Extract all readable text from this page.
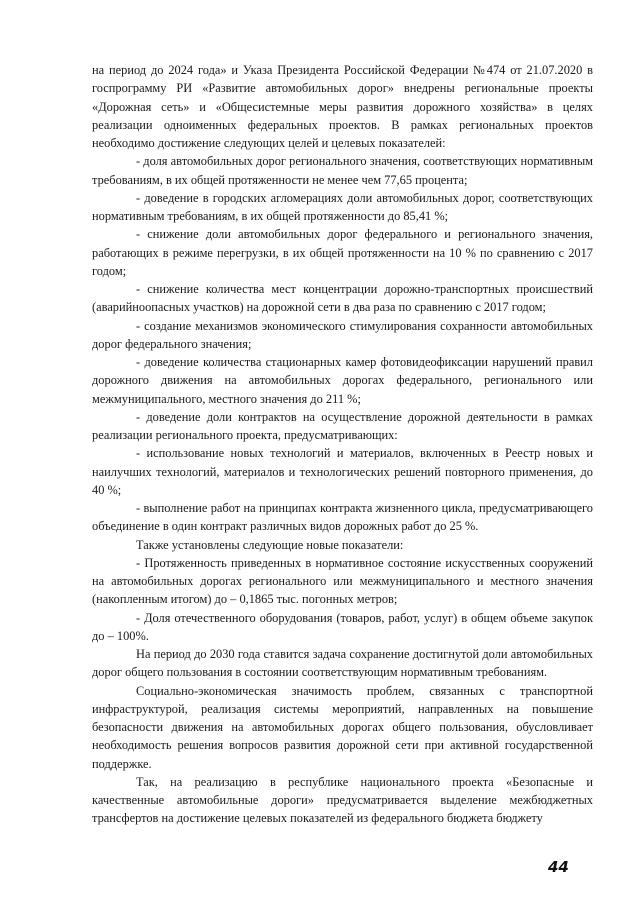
на период до 2024 года» и Указа Президента Российской Федерации №474 от 21.07.2020 в госпрограмму РИ «Развитие автомобильных дорог» внедрены региональные проекты «Дорожная сеть» и «Общесистемные меры развития дорожного хозяйства» в целях реализации одноименных федеральных проектов. В рамках региональных проектов необходимо достижение следующих целей и целевых показателей:

- доля автомобильных дорог регионального значения, соответствующих нормативным требованиям, в их общей протяженности не менее чем 77,65 процента;

- доведение в городских агломерациях доли автомобильных дорог, соответствующих нормативным требованиям, в их общей протяженности до 85,41 %;

- снижение доли автомобильных дорог федерального и регионального значения, работающих в режиме перегрузки, в их общей протяженности на 10 % по сравнению с 2017 годом;

- снижение количества мест концентрации дорожно-транспортных происшествий (аварийноопасных участков) на дорожной сети в два раза по сравнению с 2017 годом;

- создание механизмов экономического стимулирования сохранности автомобильных дорог федерального значения;

- доведение количества стационарных камер фотовидеофиксации нарушений правил дорожного движения на автомобильных дорогах федерального, регионального или межмуниципального, местного значения до 211 %;

- доведение доли контрактов на осуществление дорожной деятельности в рамках реализации регионального проекта, предусматривающих:

- использование новых технологий и материалов, включенных в Реестр новых и наилучших технологий, материалов и технологических решений повторного применения, до 40 %;

- выполнение работ на принципах контракта жизненного цикла, предусматривающего объединение в один контракт различных видов дорожных работ до 25 %.

Также установлены следующие новые показатели:

- Протяженность приведенных в нормативное состояние искусственных сооружений на автомобильных дорогах регионального или межмуниципального и местного значения (накопленным итогом) до – 0,1865 тыс. погонных метров;

- Доля отечественного оборудования (товаров, работ, услуг) в общем объеме закупок до – 100%.

На период до 2030 года ставится задача сохранение достигнутой доли автомобильных дорог общего пользования в состоянии соответствующим нормативным требованиям.

Социально-экономическая значимость проблем, связанных с транспортной инфраструктурой, реализация системы мероприятий, направленных на повышение безопасности движения на автомобильных дорогах общего пользования, обусловливает необходимость решения вопросов развития дорожной сети при активной государственной поддержке.

Так, на реализацию в республике национального проекта «Безопасные и качественные автомобильные дороги» предусматривается выделение межбюджетных трансфертов на достижение целевых показателей из федерального бюджета бюджету

44
